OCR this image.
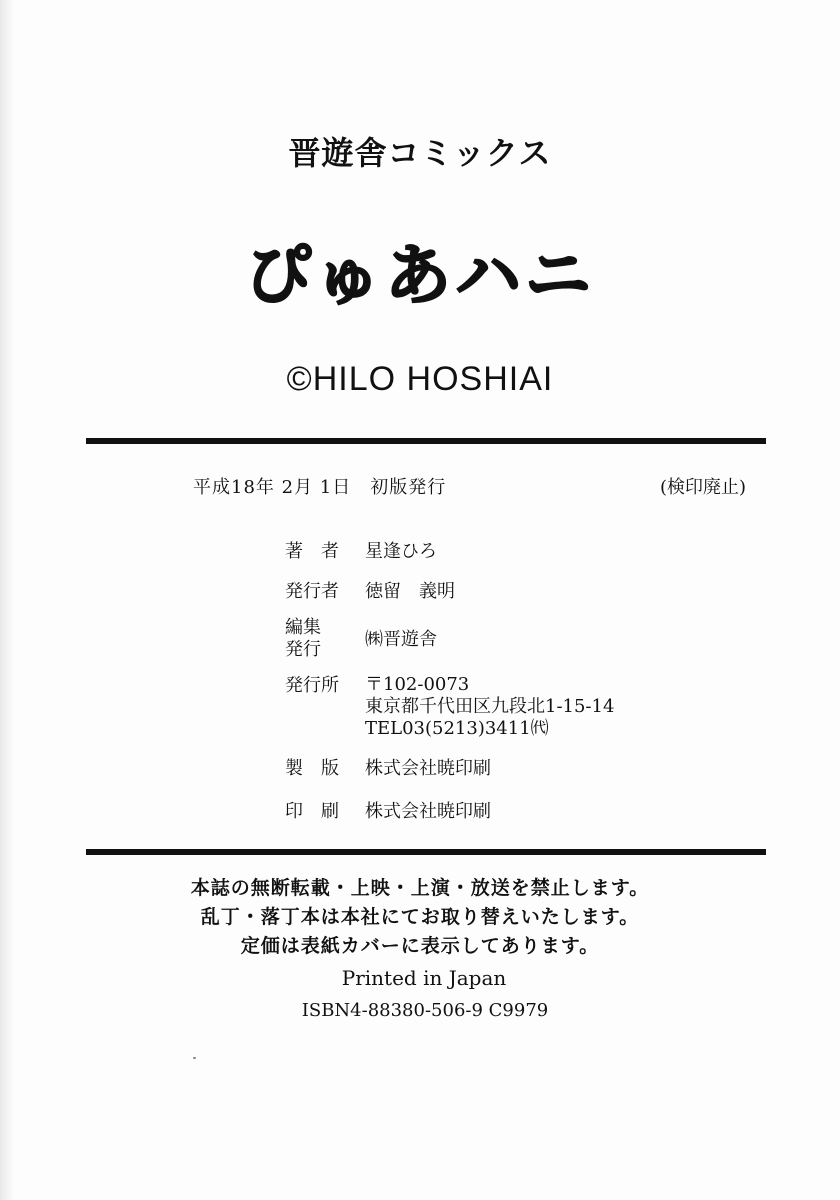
晋遊舎コミックス
ぴゅあハニ
©HILO HOSHIAI
平成18年 2月 1日　初版発行	(検印廃止)
著　者	星逢ひろ
発行者	徳留　義明
編集
発行	㈱晋遊舎
発行所	〒102-0073
東京都千代田区九段北1-15-14
TEL03(5213)3411㈹
製　版	株式会社暁印刷
印　刷	株式会社暁印刷
本誌の無断転載・上映・上演・放送を禁止します。
乱丁・落丁本は本社にてお取り替えいたします。
定価は表紙カバーに表示してあります。
Printed in Japan
ISBN4-88380-506-9 C9979
